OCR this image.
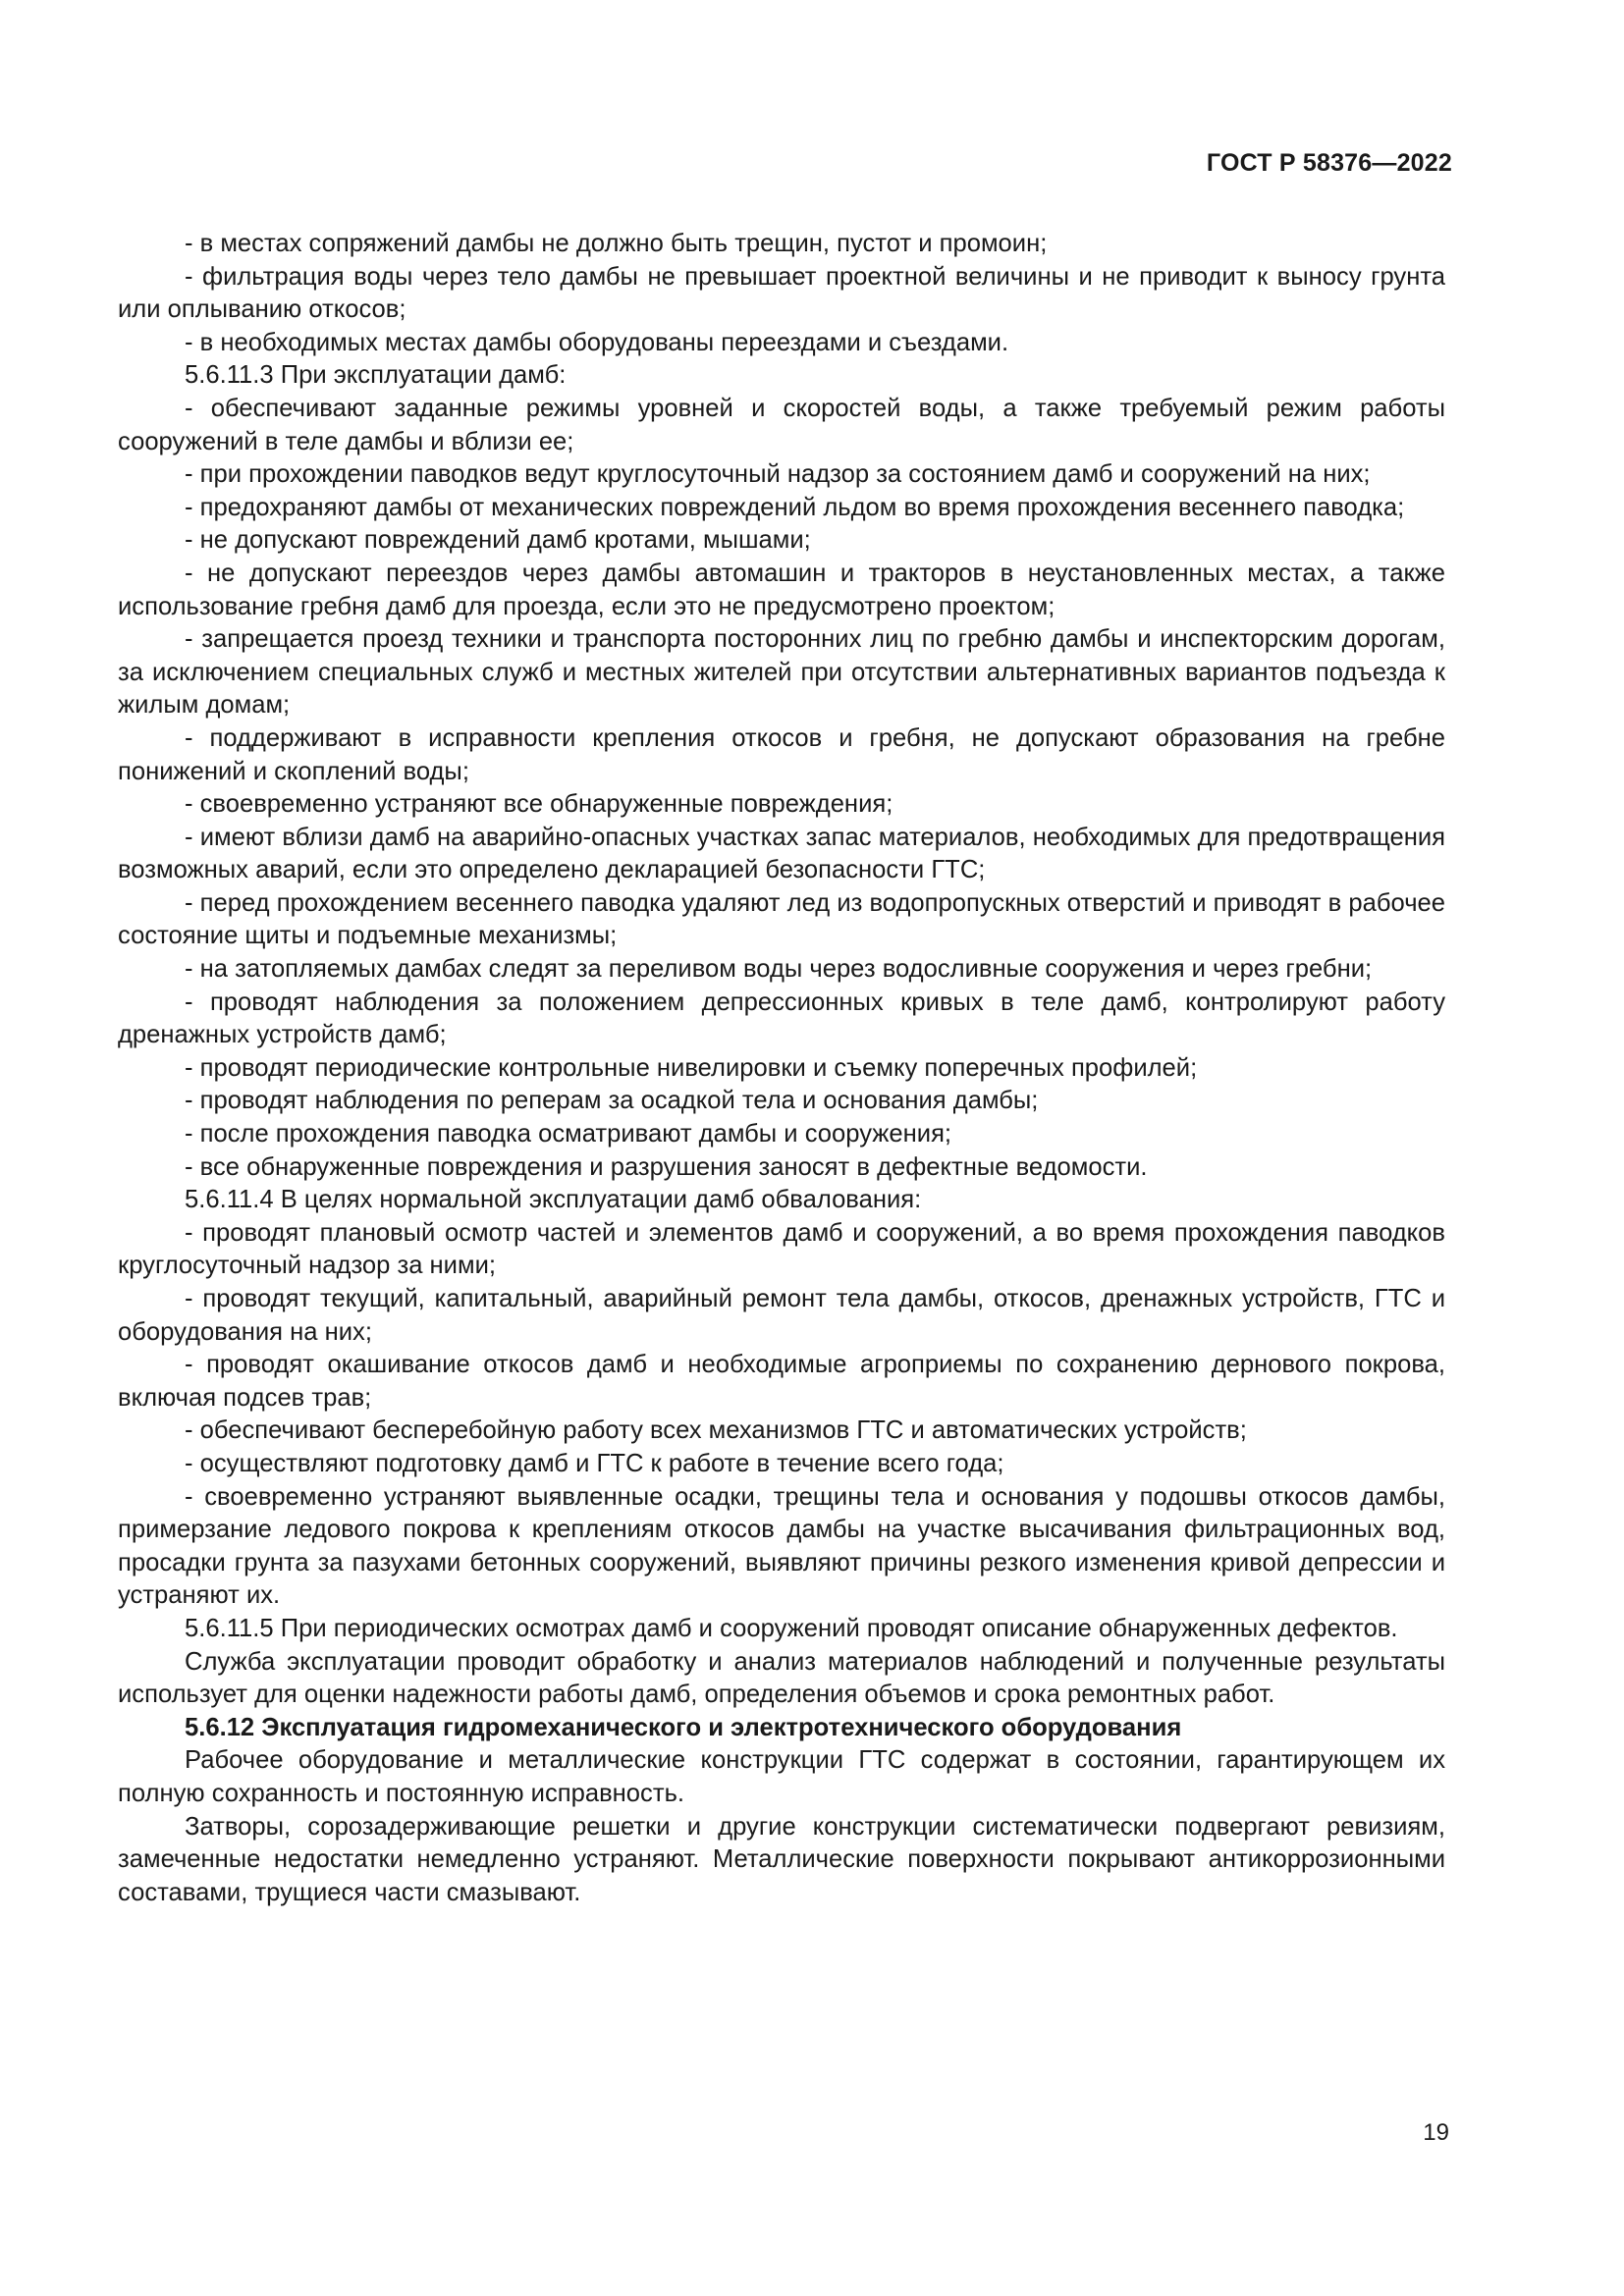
ГОСТ Р 58376—2022

- в местах сопряжений дамбы не должно быть трещин, пустот и промоин;

- фильтрация воды через тело дамбы не превышает проектной величины и не приводит к выносу грунта или оплыванию откосов;

- в необходимых местах дамбы оборудованы переездами и съездами.

5.6.11.3 При эксплуатации дамб:

- обеспечивают заданные режимы уровней и скоростей воды, а также требуемый режим работы сооружений в теле дамбы и вблизи ее;

- при прохождении паводков ведут круглосуточный надзор за состоянием дамб и сооружений на них;

- предохраняют дамбы от механических повреждений льдом во время прохождения весеннего паводка;

- не допускают повреждений дамб кротами, мышами;

- не допускают переездов через дамбы автомашин и тракторов в неустановленных местах, а также использование гребня дамб для проезда, если это не предусмотрено проектом;

- запрещается проезд техники и транспорта посторонних лиц по гребню дамбы и инспекторским дорогам, за исключением специальных служб и местных жителей при отсутствии альтернативных вариантов подъезда к жилым домам;

- поддерживают в исправности крепления откосов и гребня, не допускают образования на гребне понижений и скоплений воды;

- своевременно устраняют все обнаруженные повреждения;

- имеют вблизи дамб на аварийно-опасных участках запас материалов, необходимых для предотвращения возможных аварий, если это определено декларацией безопасности ГТС;

- перед прохождением весеннего паводка удаляют лед из водопропускных отверстий и приводят в рабочее состояние щиты и подъемные механизмы;

- на затопляемых дамбах следят за переливом воды через водосливные сооружения и через гребни;

- проводят наблюдения за положением депрессионных кривых в теле дамб, контролируют работу дренажных устройств дамб;

- проводят периодические контрольные нивелировки и съемку поперечных профилей;

- проводят наблюдения по реперам за осадкой тела и основания дамбы;

- после прохождения паводка осматривают дамбы и сооружения;

- все обнаруженные повреждения и разрушения заносят в дефектные ведомости.

5.6.11.4 В целях нормальной эксплуатации дамб обвалования:

- проводят плановый осмотр частей и элементов дамб и сооружений, а во время прохождения паводков круглосуточный надзор за ними;

- проводят текущий, капитальный, аварийный ремонт тела дамбы, откосов, дренажных устройств, ГТС и оборудования на них;

- проводят окашивание откосов дамб и необходимые агроприемы по сохранению дернового покрова, включая подсев трав;

- обеспечивают бесперебойную работу всех механизмов ГТС и автоматических устройств;

- осуществляют подготовку дамб и ГТС к работе в течение всего года;

- своевременно устраняют выявленные осадки, трещины тела и основания у подошвы откосов дамбы, примерзание ледового покрова к креплениям откосов дамбы на участке высачивания фильтрационных вод, просадки грунта за пазухами бетонных сооружений, выявляют причины резкого изменения кривой депрессии и устраняют их.

5.6.11.5 При периодических осмотрах дамб и сооружений проводят описание обнаруженных дефектов.

Служба эксплуатации проводит обработку и анализ материалов наблюдений и полученные результаты использует для оценки надежности работы дамб, определения объемов и срока ремонтных работ.

5.6.12 Эксплуатация гидромеханического и электротехнического оборудования

Рабочее оборудование и металлические конструкции ГТС содержат в состоянии, гарантирующем их полную сохранность и постоянную исправность.

Затворы, сорозадерживающие решетки и другие конструкции систематически подвергают ревизиям, замеченные недостатки немедленно устраняют. Металлические поверхности покрывают антикоррозионными составами, трущиеся части смазывают.

19
